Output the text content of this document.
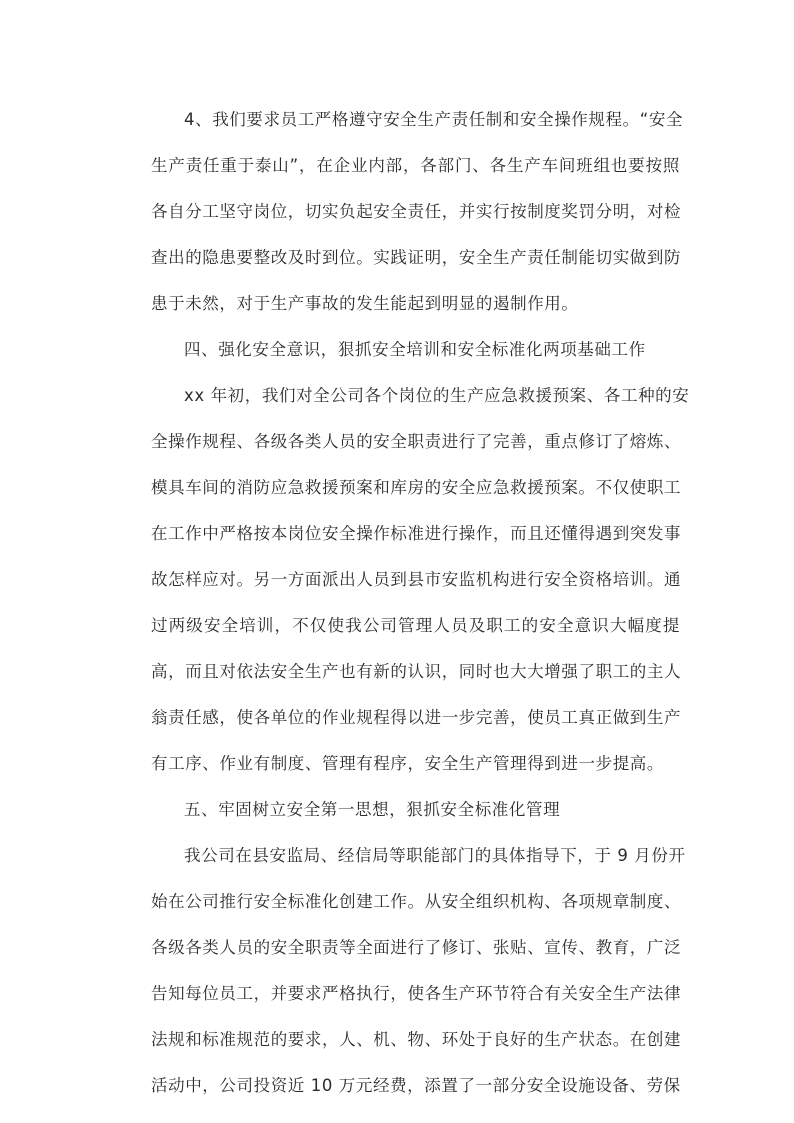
4、我们要求员工严格遵守安全生产责任制和安全操作规程。“安全
生产责任重于泰山”，在企业内部，各部门、各生产车间班组也要按照
各自分工坚守岗位，切实负起安全责任，并实行按制度奖罚分明，对检
查出的隐患要整改及时到位。实践证明，安全生产责任制能切实做到防
患于未然，对于生产事故的发生能起到明显的遏制作用。
四、强化安全意识，狠抓安全培训和安全标准化两项基础工作
xx 年初，我们对全公司各个岗位的生产应急救援预案、各工种的安
全操作规程、各级各类人员的安全职责进行了完善，重点修订了熔炼、
模具车间的消防应急救援预案和库房的安全应急救援预案。不仅使职工
在工作中严格按本岗位安全操作标准进行操作，而且还懂得遇到突发事
故怎样应对。另一方面派出人员到县市安监机构进行安全资格培训。通
过两级安全培训，不仅使我公司管理人员及职工的安全意识大幅度提
高，而且对依法安全生产也有新的认识，同时也大大增强了职工的主人
翁责任感，使各单位的作业规程得以进一步完善，使员工真正做到生产
有工序、作业有制度、管理有程序，安全生产管理得到进一步提高。
五、牢固树立安全第一思想，狠抓安全标准化管理
我公司在县安监局、经信局等职能部门的具体指导下，于 9 月份开
始在公司推行安全标准化创建工作。从安全组织机构、各项规章制度、
各级各类人员的安全职责等全面进行了修订、张贴、宣传、教育，广泛
告知每位员工，并要求严格执行，使各生产环节符合有关安全生产法律
法规和标准规范的要求，人、机、物、环处于良好的生产状态。在创建
活动中，公司投资近 10 万元经费，添置了一部分安全设施设备、劳保
